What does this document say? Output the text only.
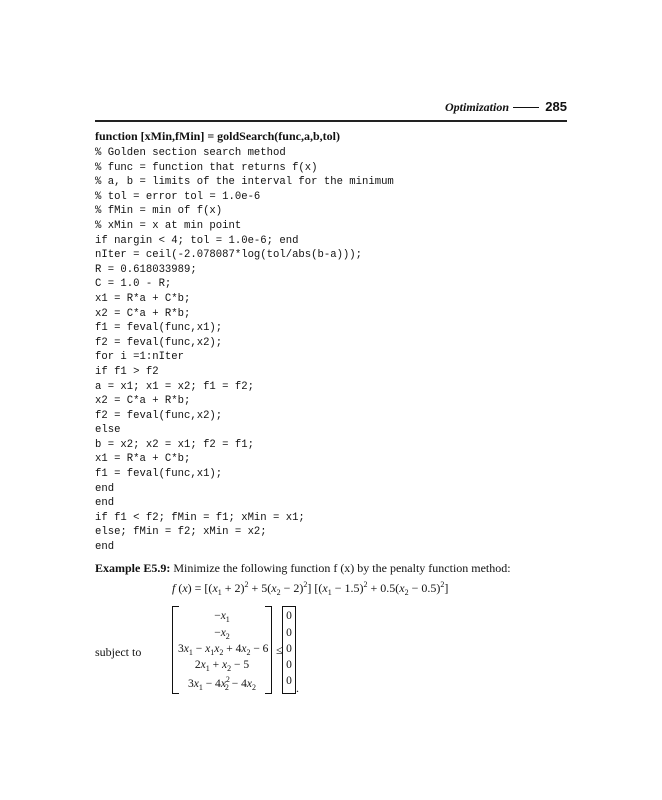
Optimization	285
function [xMin,fMin] = goldSearch(func,a,b,tol)
% Golden section search method
% func = function that returns f(x)
% a, b = limits of the interval for the minimum
% tol = error tol = 1.0e-6
% fMin = min of f(x)
% xMin = x at min point
if nargin < 4; tol = 1.0e-6; end
nIter = ceil(-2.078087*log(tol/abs(b-a)));
R = 0.618033989;
C = 1.0 - R;
x1 = R*a + C*b;
x2 = C*a + R*b;
f1 = feval(func,x1);
f2 = feval(func,x2);
for i =1:nIter
if f1 > f2
a = x1; x1 = x2; f1 = f2;
x2 = C*a + R*b;
f2 = feval(func,x2);
else
b = x2; x2 = x1; f2 = f1;
x1 = R*a + C*b;
f1 = feval(func,x1);
end
end
if f1 < f2; fMin = f1; xMin = x1;
else; fMin = f2; xMin = x2;
end
Example E5.9: Minimize the following function f (x) by the penalty function method:
f $(x) = [(x_1 + 2)^2 + 5(x_2 - 2)^2] [(x_1 - 1.5)^2 + 0.5(x_2 - 0.5)^2]$
subject to
$-x_1$
$-x_2$
$3x_1 - x_1x_2 + 4x_2 - 6$
$2x_1 + x_2 - 5$
$3x_1 - 4x^2_2 - 4x_2$
≤
0
0
0
0
0 .
